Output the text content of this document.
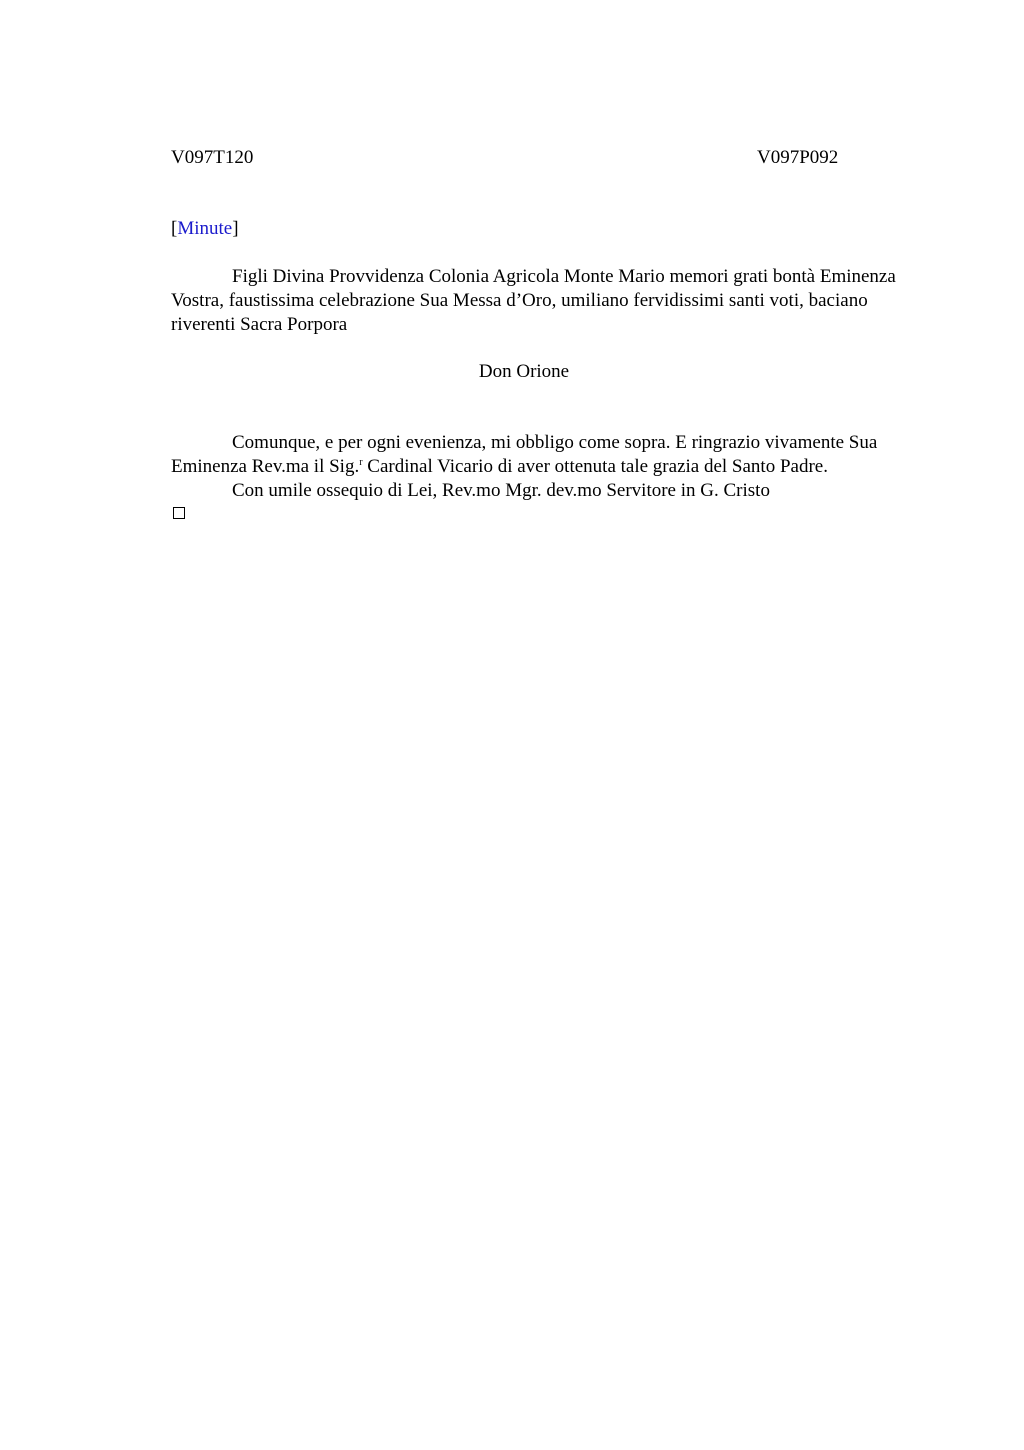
V097T120	V097P092
[Minute]

Figli Divina Provvidenza Colonia Agricola Monte Mario memori grati bontà Eminenza Vostra, faustissima celebrazione Sua Messa d’Oro, umiliano fervidissimi santi voti, baciano riverenti Sacra Porpora

Don Orione

Comunque, e per ogni evenienza, mi obbligo come sopra. E ringrazio vivamente Sua Eminenza Rev.ma il Sig.$^r$ Cardinal Vicario di aver ottenuta tale grazia del Santo Padre.

Con umile ossequio di Lei, Rev.mo Mgr. dev.mo Servitore in G. Cristo
